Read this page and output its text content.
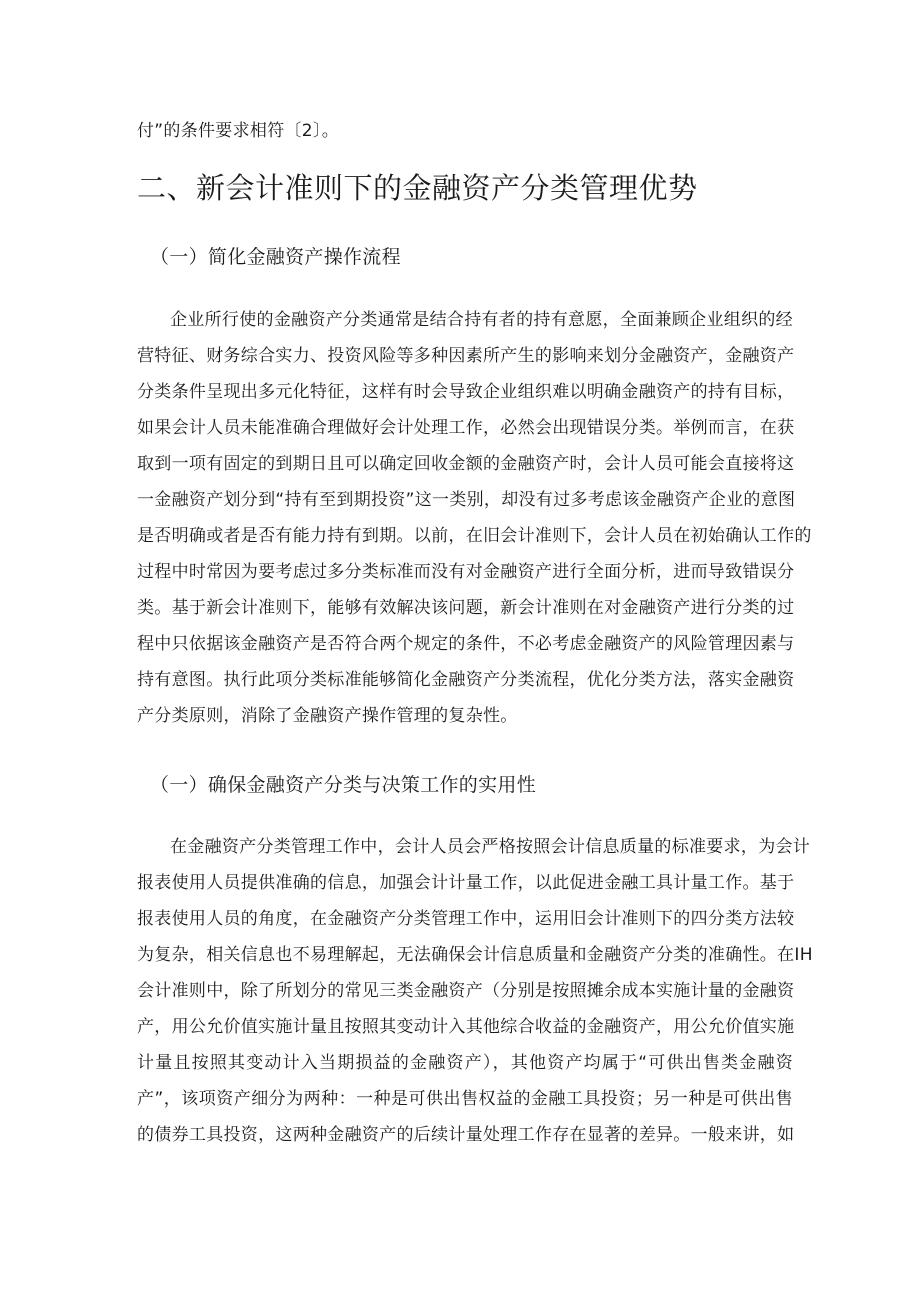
付”的条件要求相符〔2〕。

二、新会计准则下的金融资产分类管理优势
（一）简化金融资产操作流程

企业所行使的金融资产分类通常是结合持有者的持有意愿，全面兼顾企业组织的经

营特征、财务综合实力、投资风险等多种因素所产生的影响来划分金融资产，金融资产

分类条件呈现出多元化特征，这样有时会导致企业组织难以明确金融资产的持有目标，

如果会计人员未能准确合理做好会计处理工作，必然会出现错误分类。举例而言，在获

取到一项有固定的到期日且可以确定回收金额的金融资产时，会计人员可能会直接将这

一金融资产划分到“持有至到期投资”这一类别，却没有过多考虑该金融资产企业的意图

是否明确或者是否有能力持有到期。以前，在旧会计准则下，会计人员在初始确认工作的

过程中时常因为要考虑过多分类标准而没有对金融资产进行全面分析，进而导致错误分

类。基于新会计准则下，能够有效解决该问题，新会计准则在对金融资产进行分类的过

程中只依据该金融资产是否符合两个规定的条件，不必考虑金融资产的风险管理因素与

持有意图。执行此项分类标准能够简化金融资产分类流程，优化分类方法，落实金融资

产分类原则，消除了金融资产操作管理的复杂性。

（一）确保金融资产分类与决策工作的实用性

在金融资产分类管理工作中，会计人员会严格按照会计信息质量的标准要求，为会计

报表使用人员提供准确的信息，加强会计计量工作，以此促进金融工具计量工作。基于

报表使用人员的角度，在金融资产分类管理工作中，运用旧会计准则下的四分类方法较

为复杂，相关信息也不易理解起，无法确保会计信息质量和金融资产分类的准确性。在IH

会计准则中，除了所划分的常见三类金融资产（分别是按照摊余成本实施计量的金融资

产，用公允价值实施计量且按照其变动计入其他综合收益的金融资产，用公允价值实施

计量且按照其变动计入当期损益的金融资产），其他资产均属于“可供出售类金融资

产”，该项资产细分为两种：一种是可供出售权益的金融工具投资；另一种是可供出售

的债券工具投资，这两种金融资产的后续计量处理工作存在显著的差异。一般来讲，如
